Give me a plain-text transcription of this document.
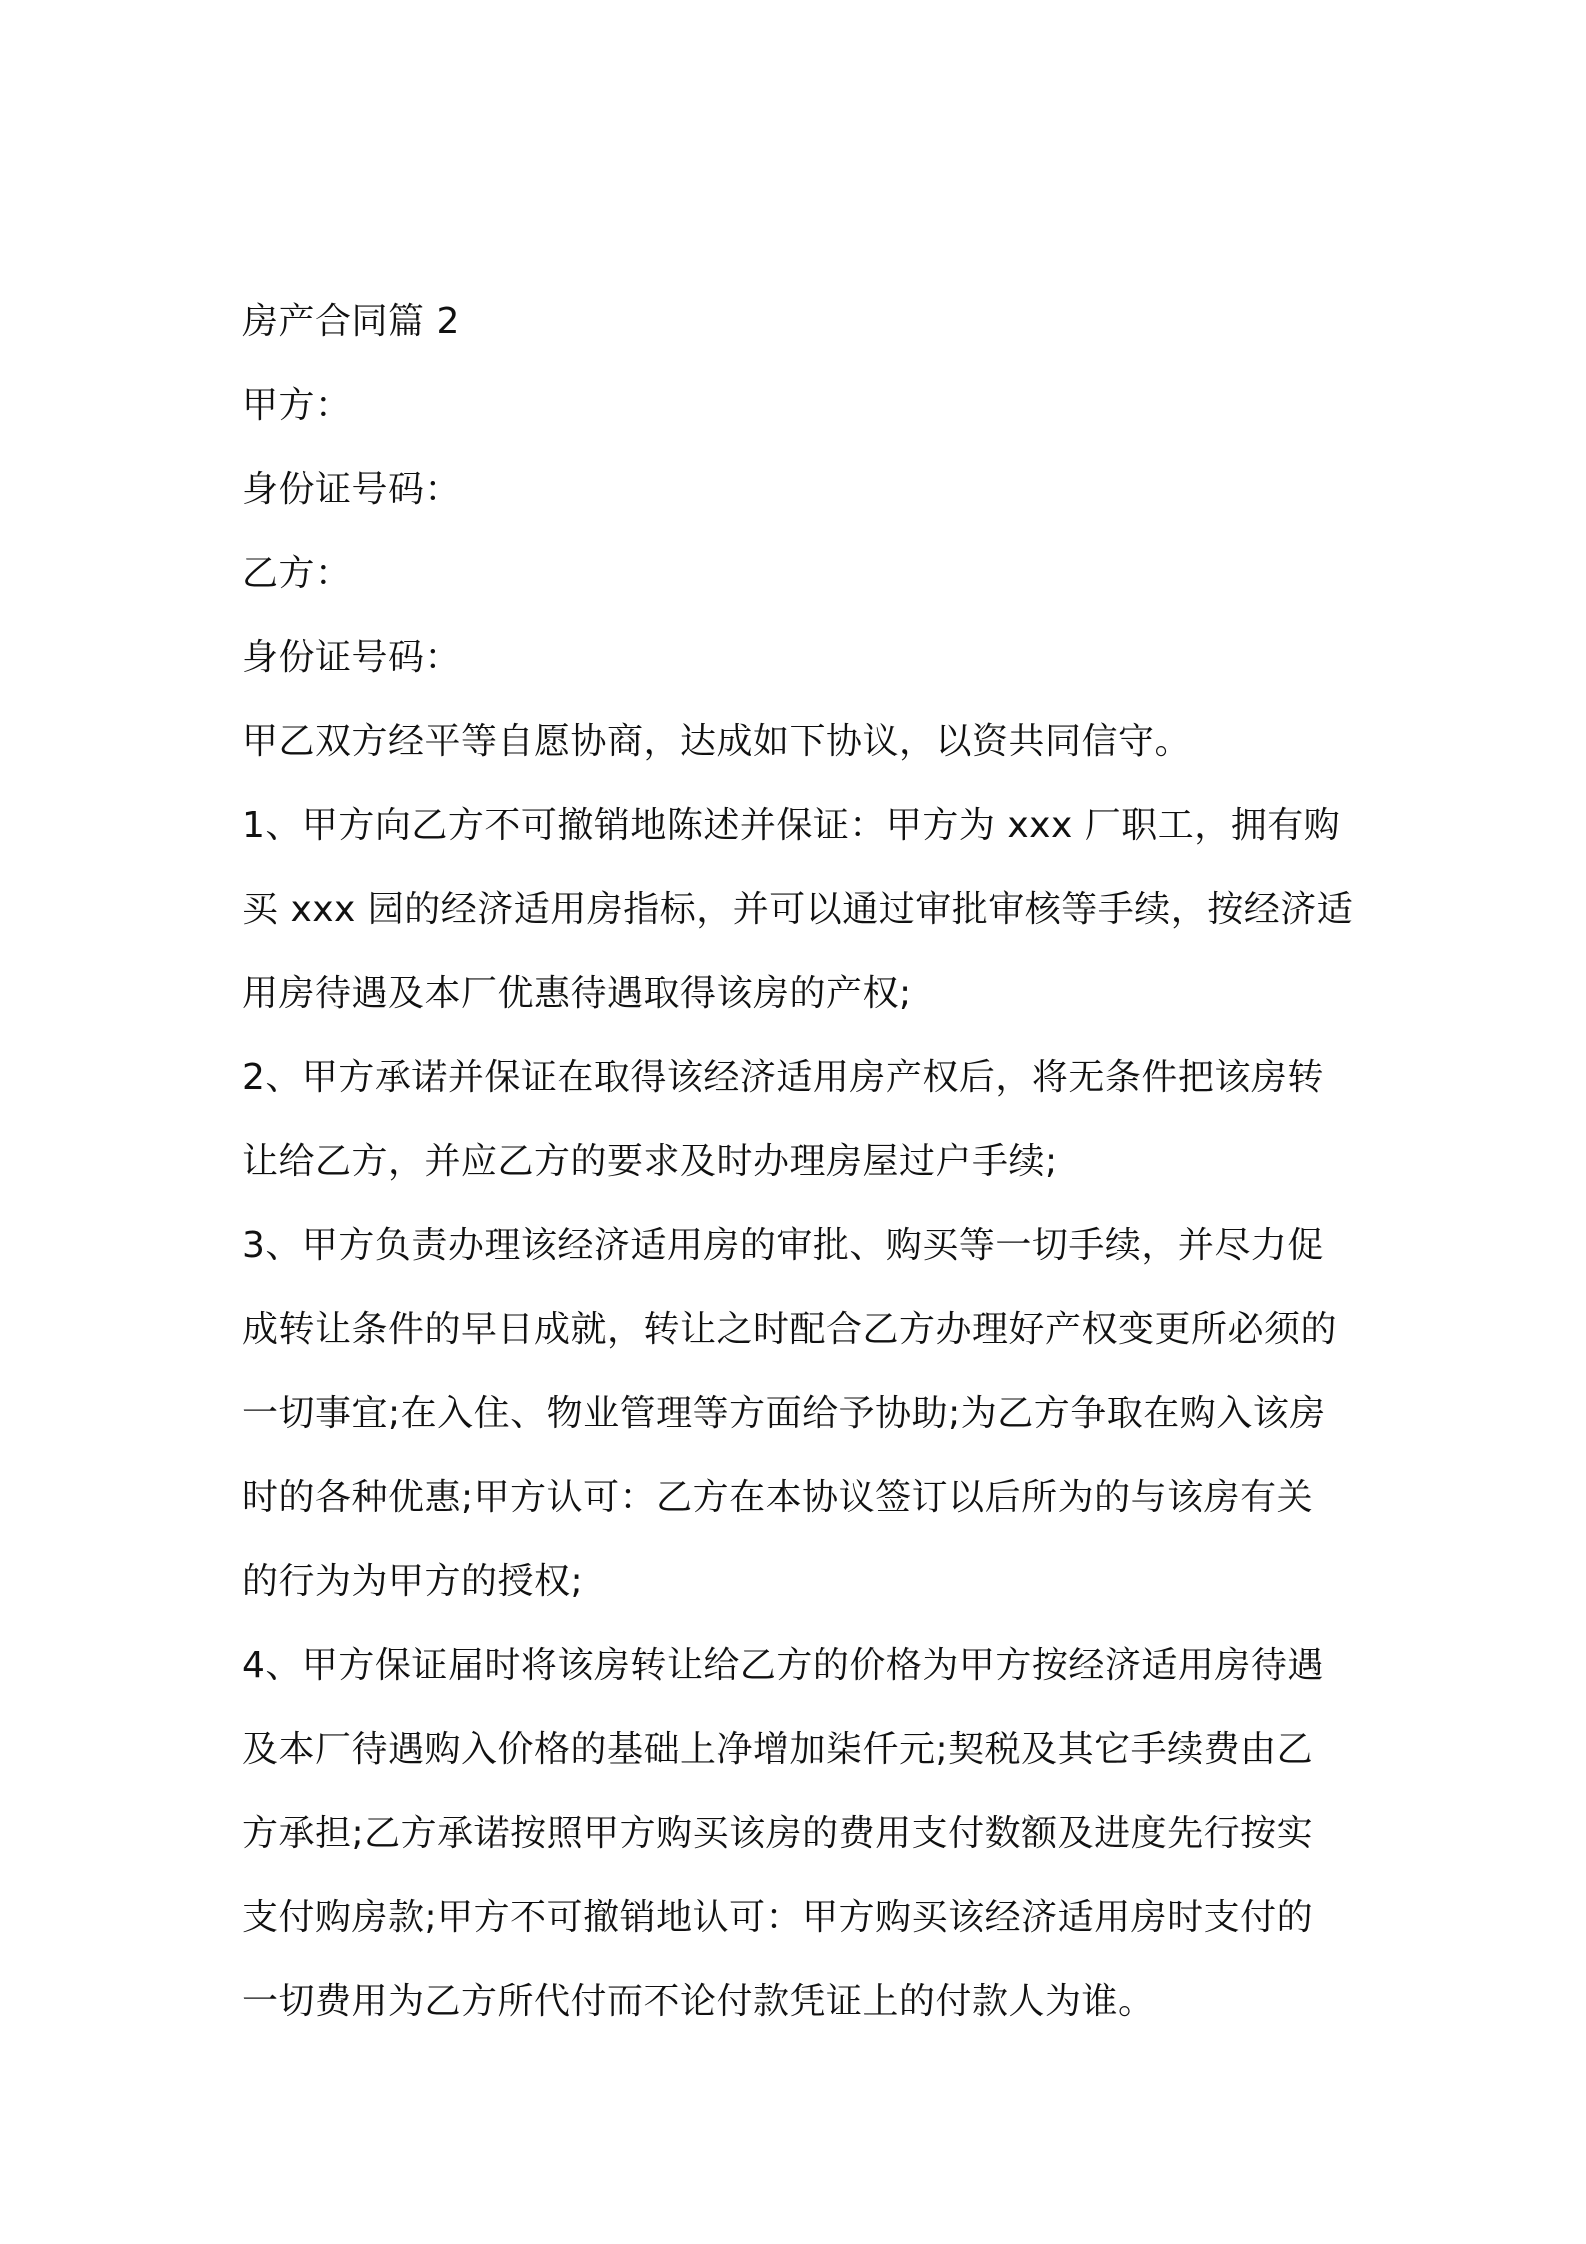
房产合同篇 2
甲方：
身份证号码：
乙方：
身份证号码：
甲乙双方经平等自愿协商，达成如下协议，以资共同信守。
1、甲方向乙方不可撤销地陈述并保证：甲方为 xxx 厂职工，拥有购
买 xxx 园的经济适用房指标，并可以通过审批审核等手续，按经济适
用房待遇及本厂优惠待遇取得该房的产权;
2、甲方承诺并保证在取得该经济适用房产权后，将无条件把该房转
让给乙方，并应乙方的要求及时办理房屋过户手续;
3、甲方负责办理该经济适用房的审批、购买等一切手续，并尽力促
成转让条件的早日成就，转让之时配合乙方办理好产权变更所必须的
一切事宜;在入住、物业管理等方面给予协助;为乙方争取在购入该房
时的各种优惠;甲方认可：乙方在本协议签订以后所为的与该房有关
的行为为甲方的授权;
4、甲方保证届时将该房转让给乙方的价格为甲方按经济适用房待遇
及本厂待遇购入价格的基础上净增加柒仟元;契税及其它手续费由乙
方承担;乙方承诺按照甲方购买该房的费用支付数额及进度先行按实
支付购房款;甲方不可撤销地认可：甲方购买该经济适用房时支付的
一切费用为乙方所代付而不论付款凭证上的付款人为谁。
